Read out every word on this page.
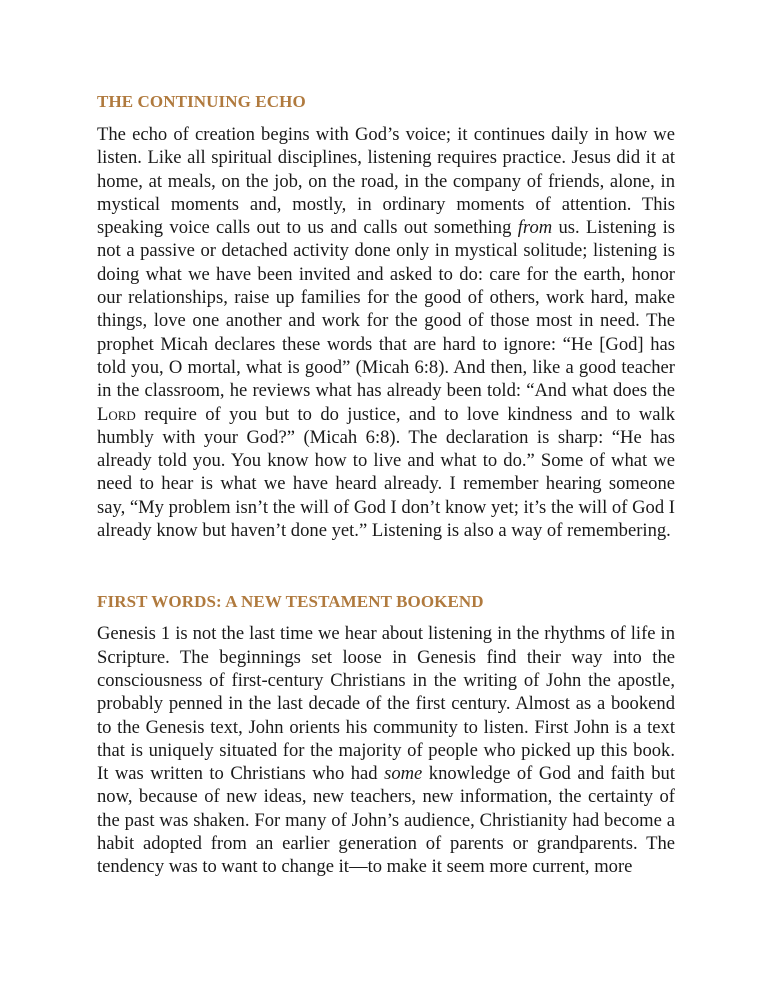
THE CONTINUING ECHO

The echo of creation begins with God’s voice; it continues daily in how we listen. Like all spiritual disciplines, listening requires practice. Jesus did it at home, at meals, on the job, on the road, in the company of friends, alone, in mystical moments and, mostly, in ordinary moments of attention. This speaking voice calls out to us and calls out something from us. Listening is not a passive or detached activity done only in mystical solitude; listening is doing what we have been invited and asked to do: care for the earth, honor our relationships, raise up families for the good of others, work hard, make things, love one another and work for the good of those most in need. The prophet Micah declares these words that are hard to ignore: “He [God] has told you, O mortal, what is good” (Micah 6:8). And then, like a good teacher in the classroom, he reviews what has already been told: “And what does the Lord require of you but to do justice, and to love kindness and to walk humbly with your God?” (Micah 6:8). The declaration is sharp: “He has already told you. You know how to live and what to do.” Some of what we need to hear is what we have heard already. I remember hearing someone say, “My problem isn’t the will of God I don’t know yet; it’s the will of God I already know but haven’t done yet.” Listening is also a way of remembering.

FIRST WORDS: A NEW TESTAMENT BOOKEND

Genesis 1 is not the last time we hear about listening in the rhythms of life in Scripture. The beginnings set loose in Genesis find their way into the consciousness of first-century Christians in the writing of John the apostle, probably penned in the last decade of the first century. Almost as a bookend to the Genesis text, John orients his community to listen. First John is a text that is uniquely situated for the majority of people who picked up this book. It was written to Christians who had some knowledge of God and faith but now, because of new ideas, new teachers, new information, the certainty of the past was shaken. For many of John’s audience, Christianity had become a habit adopted from an earlier generation of parents or grandparents. The tendency was to want to change it—to make it seem more current, more
